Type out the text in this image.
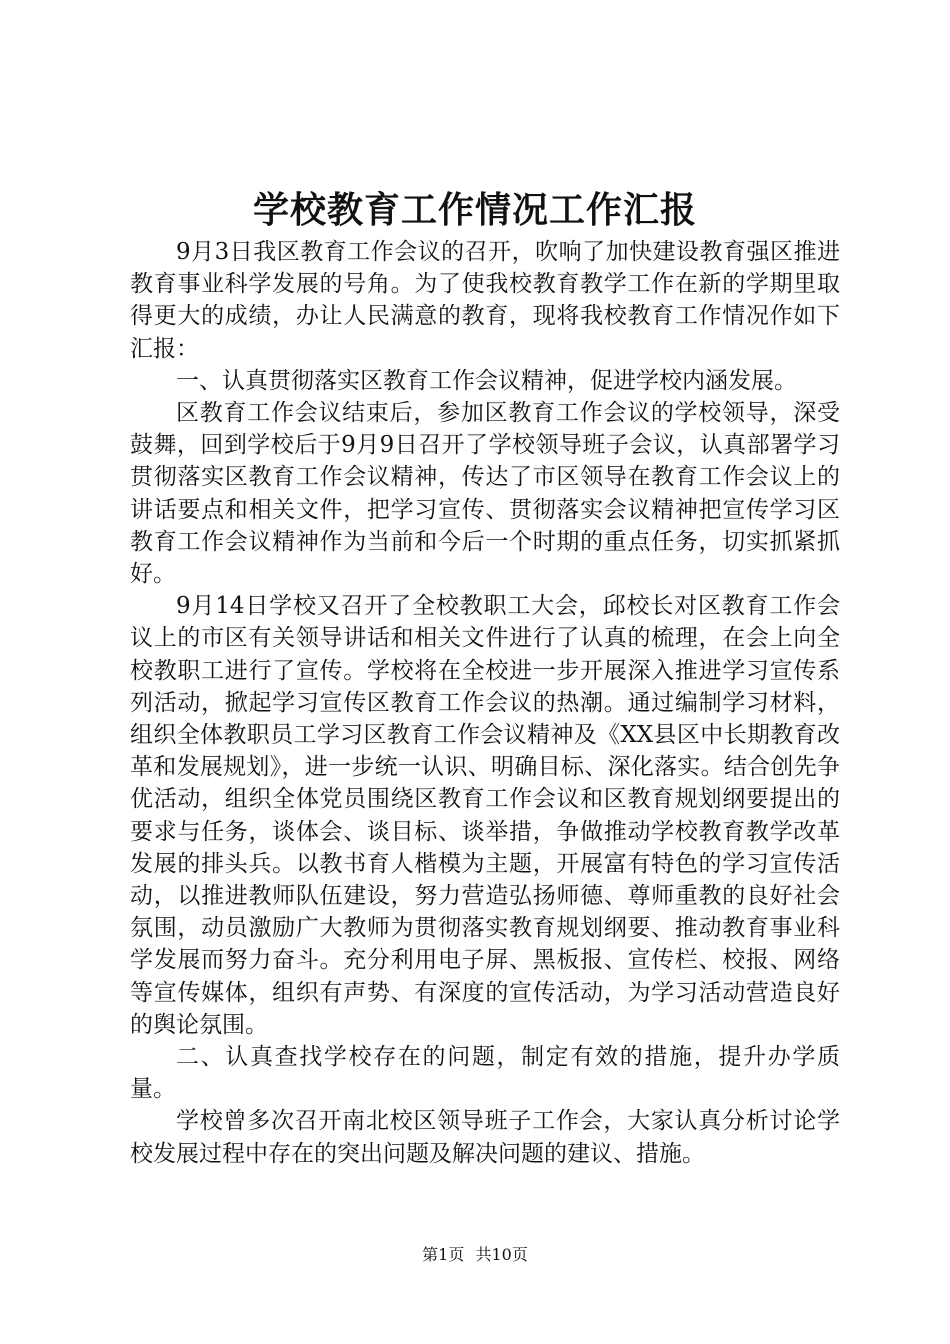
学校教育工作情况工作汇报

9月3日我区教育工作会议的召开，吹响了加快建设教育强区推进教育事业科学发展的号角。为了使我校教育教学工作在新的学期里取得更大的成绩，办让人民满意的教育，现将我校教育工作情况作如下汇报：

一、认真贯彻落实区教育工作会议精神，促进学校内涵发展。

区教育工作会议结束后，参加区教育工作会议的学校领导，深受鼓舞，回到学校后于9月9日召开了学校领导班子会议，认真部署学习贯彻落实区教育工作会议精神，传达了市区领导在教育工作会议上的讲话要点和相关文件，把学习宣传、贯彻落实会议精神把宣传学习区教育工作会议精神作为当前和今后一个时期的重点任务，切实抓紧抓好。

9月14日学校又召开了全校教职工大会，邱校长对区教育工作会议上的市区有关领导讲话和相关文件进行了认真的梳理，在会上向全校教职工进行了宣传。学校将在全校进一步开展深入推进学习宣传系列活动，掀起学习宣传区教育工作会议的热潮。通过编制学习材料，组织全体教职员工学习区教育工作会议精神及《XX县区中长期教育改革和发展规划》，进一步统一认识、明确目标、深化落实。结合创先争优活动，组织全体党员围绕区教育工作会议和区教育规划纲要提出的要求与任务，谈体会、谈目标、谈举措，争做推动学校教育教学改革发展的排头兵。以教书育人楷模为主题，开展富有特色的学习宣传活动，以推进教师队伍建设，努力营造弘扬师德、尊师重教的良好社会氛围，动员激励广大教师为贯彻落实教育规划纲要、推动教育事业科学发展而努力奋斗。充分利用电子屏、黑板报、宣传栏、校报、网络等宣传媒体，组织有声势、有深度的宣传活动，为学习活动营造良好的舆论氛围。

二、认真查找学校存在的问题，制定有效的措施，提升办学质量。

学校曾多次召开南北校区领导班子工作会，大家认真分析讨论学校发展过程中存在的突出问题及解决问题的建议、措施。

第1页 共10页
